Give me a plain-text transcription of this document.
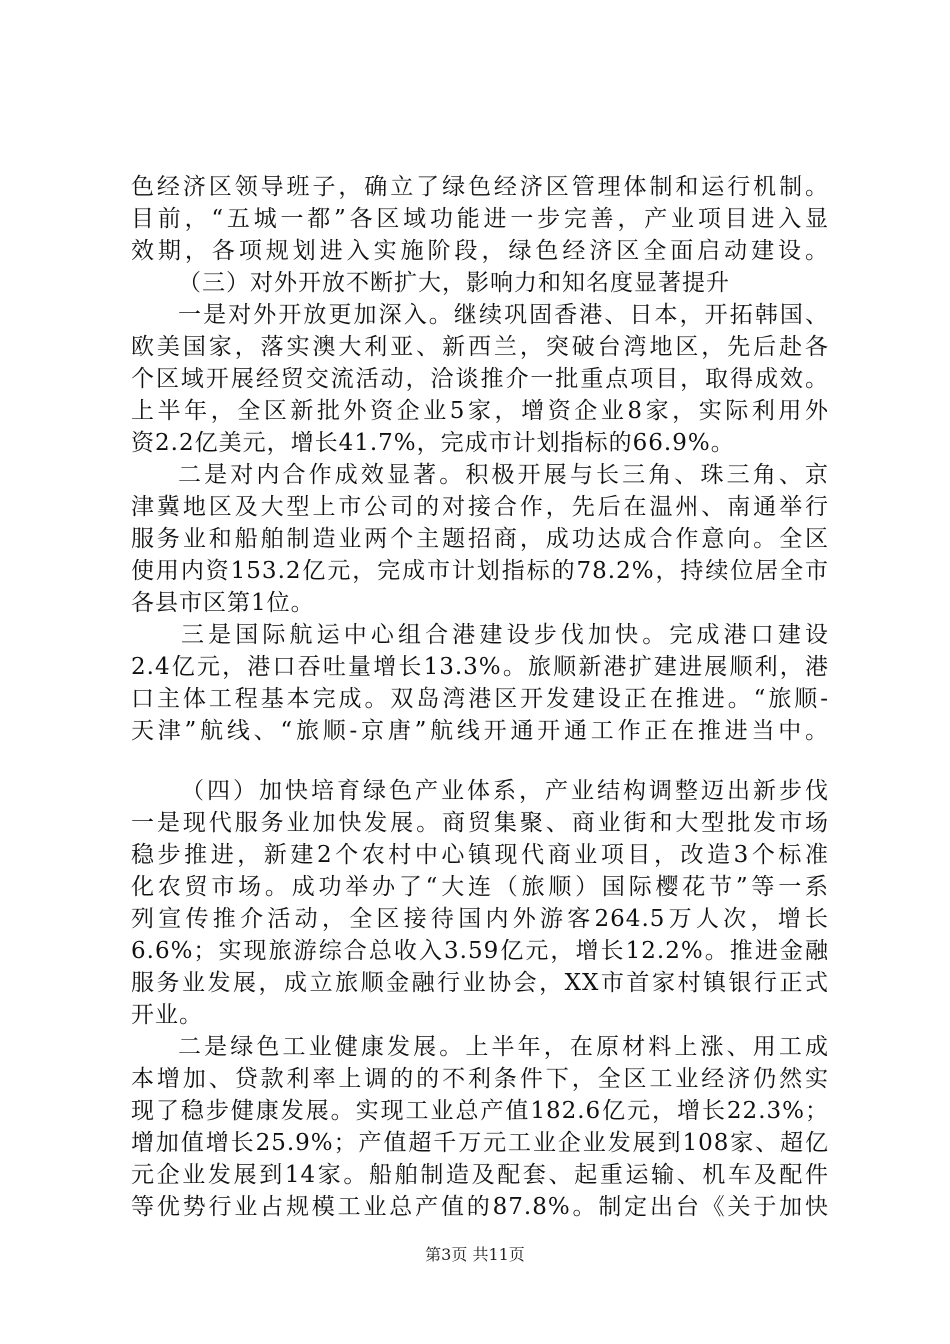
色经济区领导班子，确立了绿色经济区管理体制和运行机制。
目前，“五城一都”各区域功能进一步完善，产业项目进入显
效期，各项规划进入实施阶段，绿色经济区全面启动建设。
（三）对外开放不断扩大，影响力和知名度显著提升
一是对外开放更加深入。继续巩固香港、日本，开拓韩国、
欧美国家，落实澳大利亚、新西兰，突破台湾地区，先后赴各
个区域开展经贸交流活动，洽谈推介一批重点项目，取得成效。
上半年，全区新批外资企业5家，增资企业8家，实际利用外
资2.2亿美元，增长41.7%，完成市计划指标的66.9%。
二是对内合作成效显著。积极开展与长三角、珠三角、京
津冀地区及大型上市公司的对接合作，先后在温州、南通举行
服务业和船舶制造业两个主题招商，成功达成合作意向。全区
使用内资153.2亿元，完成市计划指标的78.2%，持续位居全市
各县市区第1位。
三是国际航运中心组合港建设步伐加快。完成港口建设
2.4亿元，港口吞吐量增长13.3%。旅顺新港扩建进展顺利，港
口主体工程基本完成。双岛湾港区开发建设正在推进。“旅顺-
天津”航线、“旅顺-京唐”航线开通开通工作正在推进当中。
（四）加快培育绿色产业体系，产业结构调整迈出新步伐
一是现代服务业加快发展。商贸集聚、商业街和大型批发市场
稳步推进，新建2个农村中心镇现代商业项目，改造3个标准
化农贸市场。成功举办了“大连（旅顺）国际樱花节”等一系
列宣传推介活动，全区接待国内外游客264.5万人次，增长
6.6%；实现旅游综合总收入3.59亿元，增长12.2%。推进金融
服务业发展，成立旅顺金融行业协会，XX市首家村镇银行正式
开业。
二是绿色工业健康发展。上半年，在原材料上涨、用工成
本增加、贷款利率上调的的不利条件下，全区工业经济仍然实
现了稳步健康发展。实现工业总产值182.6亿元，增长22.3%；
增加值增长25.9%；产值超千万元工业企业发展到108家、超亿
元企业发展到14家。船舶制造及配套、起重运输、机车及配件
等优势行业占规模工业总产值的87.8%。制定出台《关于加快
第3页 共11页
